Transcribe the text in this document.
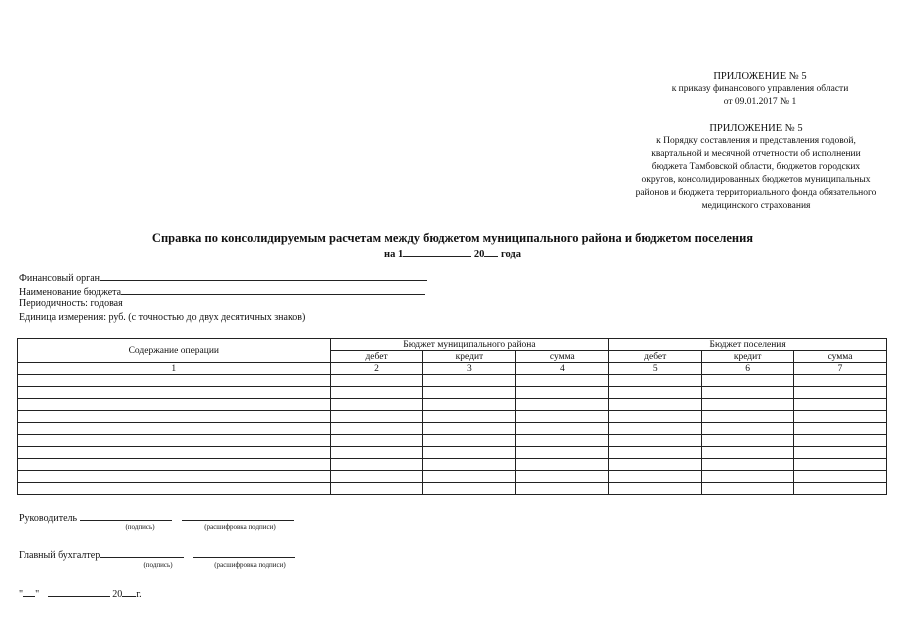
ПРИЛОЖЕНИЕ № 5
к приказу финансового управления области
от 09.01.2017 № 1
ПРИЛОЖЕНИЕ № 5
к Порядку составления и представления годовой,
квартальной и месячной отчетности об исполнении
бюджета Тамбовской области, бюджетов городских
округов, консолидированных бюджетов муниципальных
районов и бюджета территориального фонда обязательного
медицинского страхования
Справка по консолидируемым расчетам между бюджетом муниципального района и бюджетом поселения
на 1	20 года
Финансовый орган
Наименование бюджета
Периодичность: годовая
Единица измерения: руб. (с точностью до двух десятичных знаков)
Содержание операции	Бюджет муниципального района			Бюджет поселения		
	дебет	кредит	сумма	дебет	кредит	сумма
1	2	3	4	5	6	7

Руководитель
(подпись)	(расшифровка подписи)
Главный бухгалтер
(подпись)	(расшифровка подписи)
" "	20 г.
